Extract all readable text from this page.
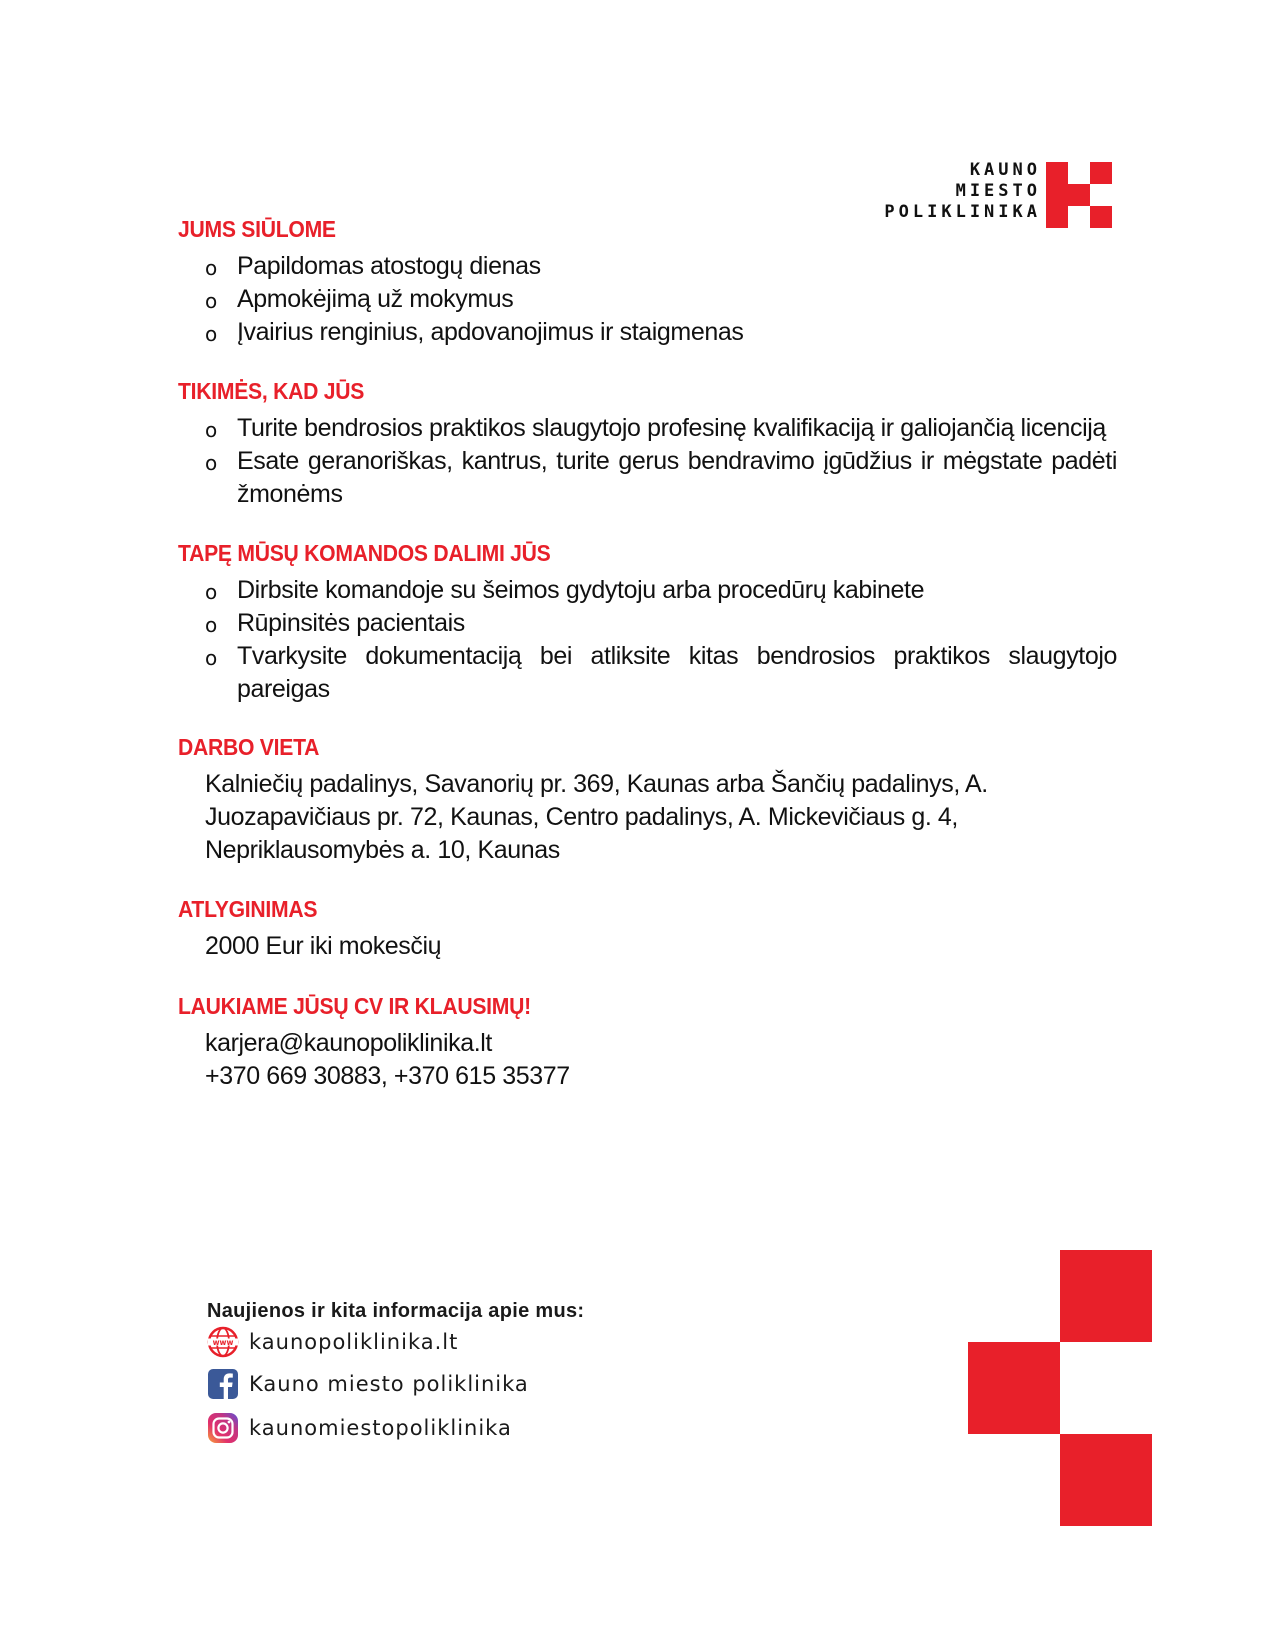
KAUNO
MIESTO
POLIKLINIKA
JUMS SIŪLOME
o Papildomas atostogų dienas
o Apmokėjimą už mokymus
o Įvairius renginius, apdovanojimus ir staigmenas
TIKIMĖS, KAD JŪS
o Turite bendrosios praktikos slaugytojo profesinę kvalifikaciją ir galiojančią licenciją
o Esate geranoriškas, kantrus, turite gerus bendravimo įgūdžius ir mėgstate padėti žmonėms
TAPĘ MŪSŲ KOMANDOS DALIMI JŪS
o Dirbsite komandoje su šeimos gydytoju arba procedūrų kabinete
o Rūpinsitės pacientais
o Tvarkysite dokumentaciją bei atliksite kitas bendrosios praktikos slaugytojo pareigas
DARBO VIETA
Kalniečių padalinys, Savanorių pr. 369, Kaunas arba Šančių padalinys, A.
Juozapavičiaus pr. 72, Kaunas, Centro padalinys, A. Mickevičiaus g. 4,
Nepriklausomybės a. 10, Kaunas
ATLYGINIMAS
2000 Eur iki mokesčių
LAUKIAME JŪSŲ CV IR KLAUSIMŲ!
karjera@kaunopoliklinika.lt
+370 669 30883, +370 615 35377
Naujienos ir kita informacija apie mus:
www kaunopoliklinika.lt
Kauno miesto poliklinika
kaunomiestopoliklinika
